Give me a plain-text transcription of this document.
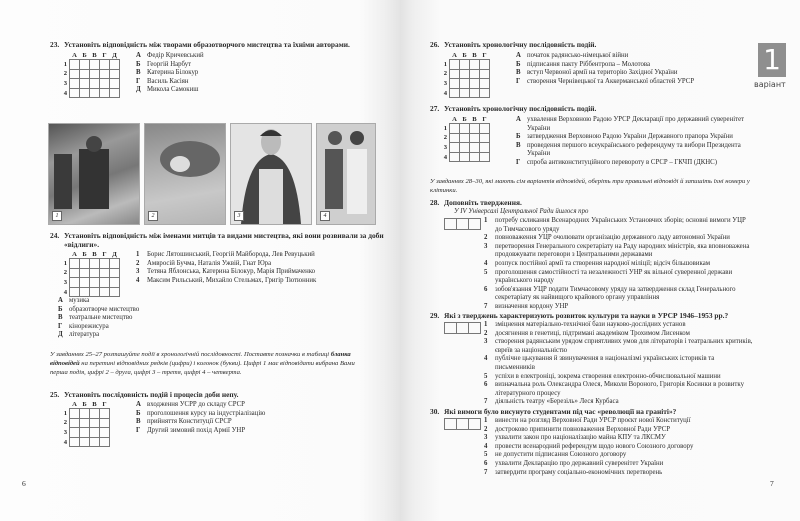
23. Установіть відповідність між творами образотворчого мистецтва та їхніми авторами.
	А	Б	В	Г	Д
1					
2					
3					
4					
А Федір Кричевський
Б Георгій Нарбут
В Катерина Білокур
Г Василь Касіян
Д Микола Самокиш
1	2	3	4
24. Установіть відповідність між іменами митців та видами мистецтва, які вони розвивали за доби
«відлиги».
	А	Б	В	Г	Д
1					
2					
3					
4					
1	Борис Лятошинський, Георгій Майборода, Лев Ревуцький
2	Амвросій Бучма, Наталія Ужвій, Гнат Юра
3	Тетяна Яблонська, Катерина Білокур, Марія Приймаченко
4	Максим Рильський, Михайло Стельмах, Григір Тютюнник
А музика
Б образотворче мистецтво
В театральне мистецтво
Г кінорежисура
Д література
У завданнях 25–27 розташуйте події в хронологічній послідовності. Поставте позначки в таблиці бланка відповідей на перетині відповідних рядків (цифри) і колонок (букви). Цифрі 1 має відповідати вибрана Вами перша подія, цифрі 2 – друга, цифрі 3 – третя, цифрі 4 – четверта.
25. Установіть послідовність подій і процесів доби непу.
	А	Б	В	Г
1				
2				
3				
4				
А входження УСРР до складу СРСР
Б проголошення курсу на індустріалізацію
В прийняття Конституції СРСР
Г Другий зимовий похід Армії УНР
6
26. Установіть хронологічну послідовність подій.
	А	Б	В	Г
1				
2				
3				
4				
А початок радянсько-німецької війни
Б підписання пакту Ріббентропа – Молотова
В вступ Червоної армії на територію Західної України
Г створення Чернівецької та Аккерманської областей УРСР
27. Установіть хронологічну послідовність подій.
	А	Б	В	Г
1				
2				
3				
4				
А ухвалення Верховною Радою УРСР Декларації про державний суверенітет України
Б затвердження Верховною Радою України Державного прапора України
В проведення першого всеукраїнського референдуму та вибори Президента України
Г спроба антиконституційного перевороту в СРСР – ГКЧП (ДКНС)
У завданнях 28–30, які мають сім варіантів відповідей, оберіть три правильні відповіді й запишіть їхні номери у клітинки.
28. Доповніть твердження.
У IV Універсалі Центральної Ради йшлося про
1	потребу скликання Всенародних Українських Установчих зборів; основні вимоги УЦР до Тимчасового уряду
2	повноваження УЦР очолювати організацію державного ладу автономної України
3	перетворення Генерального секретаріату на Раду народних міністрів, яка вповноважена продовжувати переговори з Центральними державами
4	розпуск постійної армії та створення народної міліції; відсіч більшовикам
5	проголошення самостійності та незалежності УНР як вільної суверенної держави українського народу
6	зобов'язання УЦР подати Тимчасовому уряду на затвердження склад Генерального секретаріату як найвищого крайового органу управління
7	визначення кордону УНР
29. Які з тверджень характеризують розвиток культури та науки в УРСР 1946–1953 рр.?
1	зміцнення матеріально-технічної бази науково-дослідних установ
2	досягнення в генетиці, підтримані академіком Трохимом Лисенком
3	створення радянським урядом сприятливих умов для літераторів і театральних критиків, євреїв за національністю
4	публічне цькування й звинувачення в націоналізмі українських істориків та письменників
5	успіхи в електроніці, зокрема створення електронно-обчислювальної машини
6	визначальна роль Олександра Олеся, Миколи Вороного, Григорія Косинки в розвитку літературного процесу
7	діяльність театру «Березіль» Леся Курбаса
30. Які вимоги було висунуто студентами під час «революції на граніті»?
1	винести на розгляд Верховної Ради УРСР проєкт нової Конституції
2	достроково припинити повноваження Верховної Ради УРСР
3	ухвалити закон про націоналізацію майна КПУ та ЛКСМУ
4	провести всенародний референдум щодо нового Союзного договору
5	не допустити підписання Союзного договору
6	ухвалити Декларацію про державний суверенітет України
7	затвердити програму соціально-економічних перетворень
7
1
варіант
